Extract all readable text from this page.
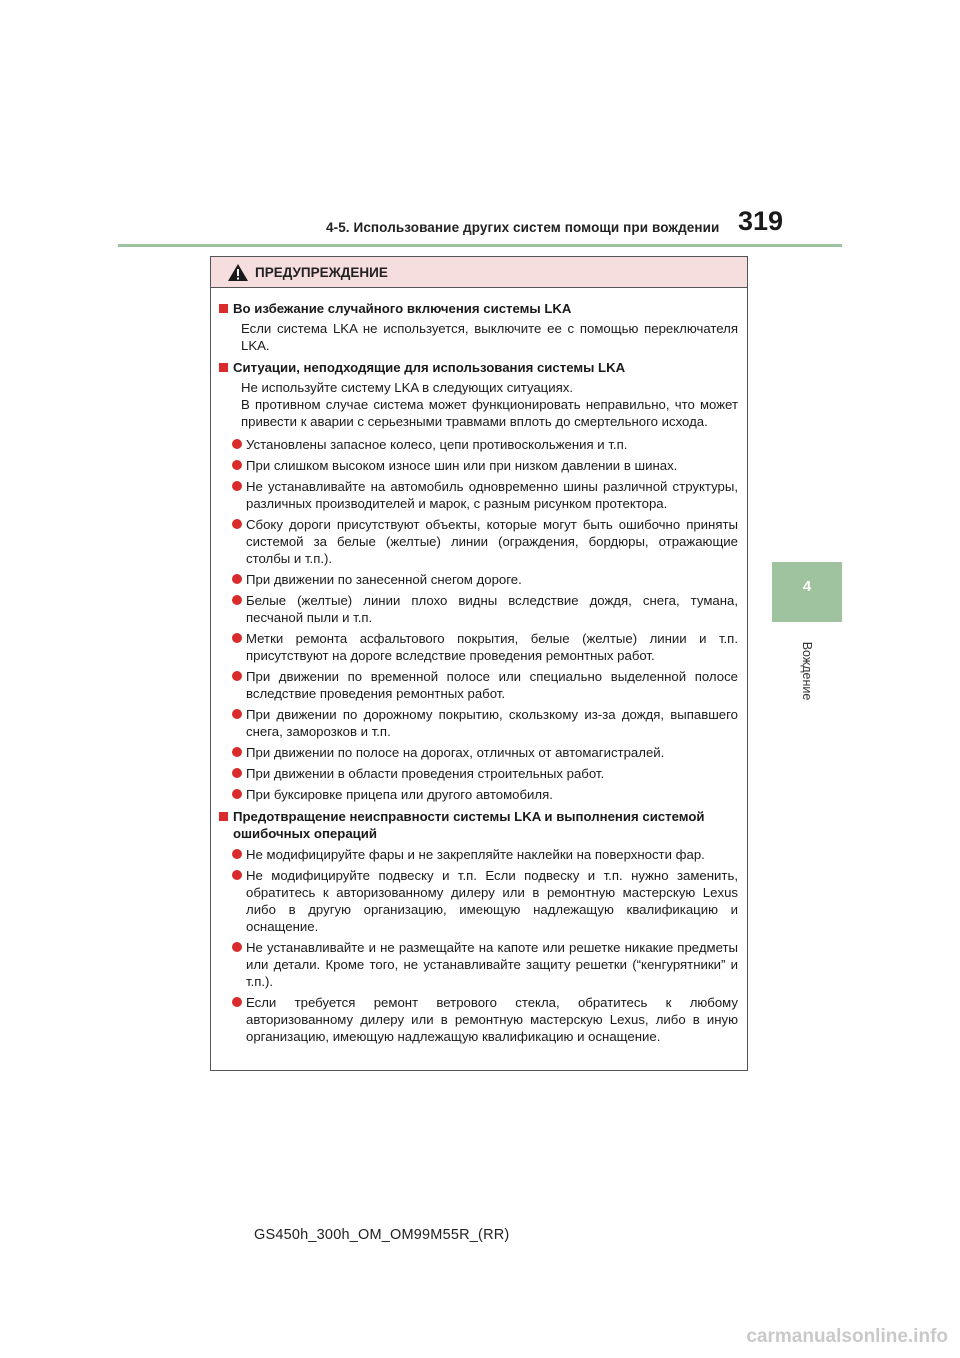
4-5. Использование других систем помощи при вождении 319
4
Вождение
ПРЕДУПРЕЖДЕНИЕ
Во избежание случайного включения системы LKA
Если система LKA не используется, выключите ее с помощью переключателя LKA.
Ситуации, неподходящие для использования системы LKA
Не используйте систему LKA в следующих ситуациях.
В противном случае система может функционировать неправильно, что может привести к аварии с серьезными травмами вплоть до смертельного исхода.
Установлены запасное колесо, цепи противоскольжения и т.п.
При слишком высоком износе шин или при низком давлении в шинах.
Не устанавливайте на автомобиль одновременно шины различной структуры, различных производителей и марок, с разным рисунком протектора.
Сбоку дороги присутствуют объекты, которые могут быть ошибочно приняты системой за белые (желтые) линии (ограждения, бордюры, отражающие столбы и т.п.).
При движении по занесенной снегом дороге.
Белые (желтые) линии плохо видны вследствие дождя, снега, тумана, песчаной пыли и т.п.
Метки ремонта асфальтового покрытия, белые (желтые) линии и т.п. присутствуют на дороге вследствие проведения ремонтных работ.
При движении по временной полосе или специально выделенной полосе вследствие проведения ремонтных работ.
При движении по дорожному покрытию, скользкому из-за дождя, выпавшего снега, заморозков и т.п.
При движении по полосе на дорогах, отличных от автомагистралей.
При движении в области проведения строительных работ.
При буксировке прицепа или другого автомобиля.
Предотвращение неисправности системы LKA и выполнения системой ошибочных операций
Не модифицируйте фары и не закрепляйте наклейки на поверхности фар.
Не модифицируйте подвеску и т.п. Если подвеску и т.п. нужно заменить, обратитесь к авторизованному дилеру или в ремонтную мастерскую Lexus либо в другую организацию, имеющую надлежащую квалификацию и оснащение.
Не устанавливайте и не размещайте на капоте или решетке никакие предметы или детали. Кроме того, не устанавливайте защиту решетки (“кенгурятники” и т.п.).
Если требуется ремонт ветрового стекла, обратитесь к любому авторизованному дилеру или в ремонтную мастерскую Lexus, либо в иную организацию, имеющую надлежащую квалификацию и оснащение.
GS450h_300h_OM_OM99M55R_(RR)
carmanualsonline.info
